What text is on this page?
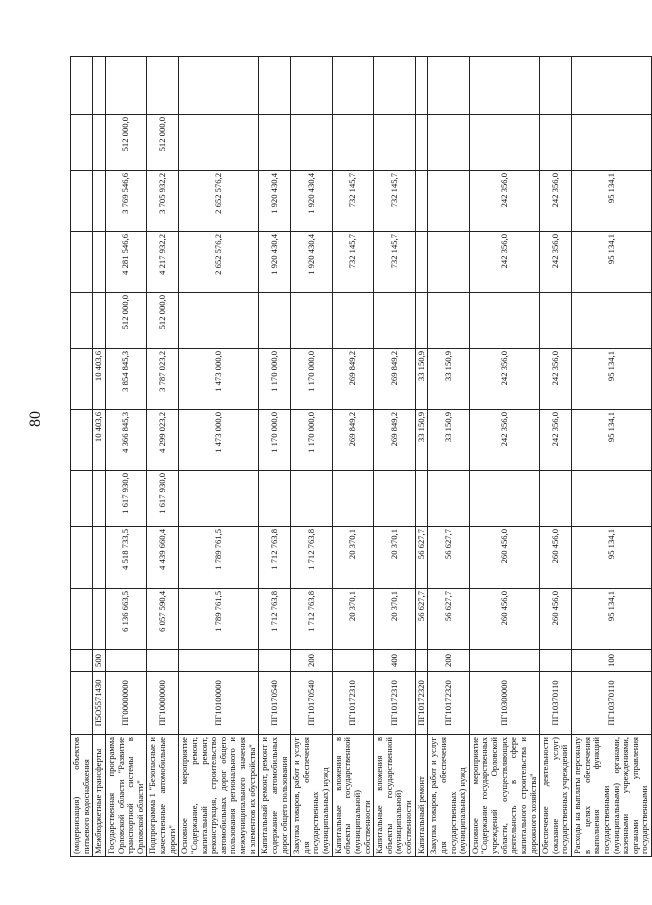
80
(модернизация) объектов питьевого водоснабжения												
Межбюджетные трансферты	П5О5571430	500				10 403,6	10 403,6					
Государственная программа Орловской области "Развитие транспортной системы в Орловской области"	ПГ00000000		6 136 663,5	4 518 733,5	1 617 930,0	4 366 845,3	3 854 845,3	512 000,0	4 281 546,6	3 769 546,6	512 000,0	
Подпрограмма 1 "Безопасные и качественные автомобильные дороги"	ПГ10000000		6 057 590,4	4 439 660,4	1 617 930,0	4 299 023,2	3 787 023,2	512 000,0	4 217 932,2	3 705 932,2	512 000,0	
Основное мероприятие "Содержание, ремонт, капитальный ремонт, реконструкция, строительство автомобильных дорог общего пользования регионального и межмуниципального значения и элементов их обустройства"	ПГ10100000		1 789 761,5	1 789 761,5		1 473 000,0	1 473 000,0		2 652 576,2	2 652 576,2		
Капитальный ремонт, ремонт и содержание автомобильных дорог общего пользования	ПГ10170540		1 712 763,8	1 712 763,8		1 170 000,0	1 170 000,0		1 920 430,4	1 920 430,4		
Закупка товаров, работ и услуг для обеспечения государственных (муниципальных) нужд	ПГ10170540	200	1 712 763,8	1 712 763,8		1 170 000,0	1 170 000,0		1 920 430,4	1 920 430,4		
Капитальные вложения в объекты государственной (муниципальной) собственности	ПГ10172310		20 370,1	20 370,1		269 849,2	269 849,2		732 145,7	732 145,7		
Капитальные вложения в объекты государственной (муниципальной) собственности	ПГ10172310	400	20 370,1	20 370,1		269 849,2	269 849,2		732 145,7	732 145,7		
Капитальный ремонт	ПГ10172320		56 627,7	56 627,7		33 150,9	33 150,9					
Закупка товаров, работ и услуг для обеспечения государственных (муниципальных) нужд	ПГ10172320	200	56 627,7	56 627,7		33 150,9	33 150,9					
Основное мероприятие "Содержание государственных учреждений Орловской области, осуществляющих деятельность в сфере капитального строительства и дорожного хозяйства"	ПГ10300000		260 456,0	260 456,0		242 356,0	242 356,0		242 356,0	242 356,0		
Обеспечение деятельности (оказание услуг) государственных учреждений	ПГ10370110		260 456,0	260 456,0		242 356,0	242 356,0		242 356,0	242 356,0		
Расходы на выплаты персоналу в целях обеспечения выполнения функций государственными (муниципальными) органами, казенными учреждениями, органами управления государственными	ПГ10370110	100	95 134,1	95 134,1		95 134,1	95 134,1		95 134,1	95 134,1		
